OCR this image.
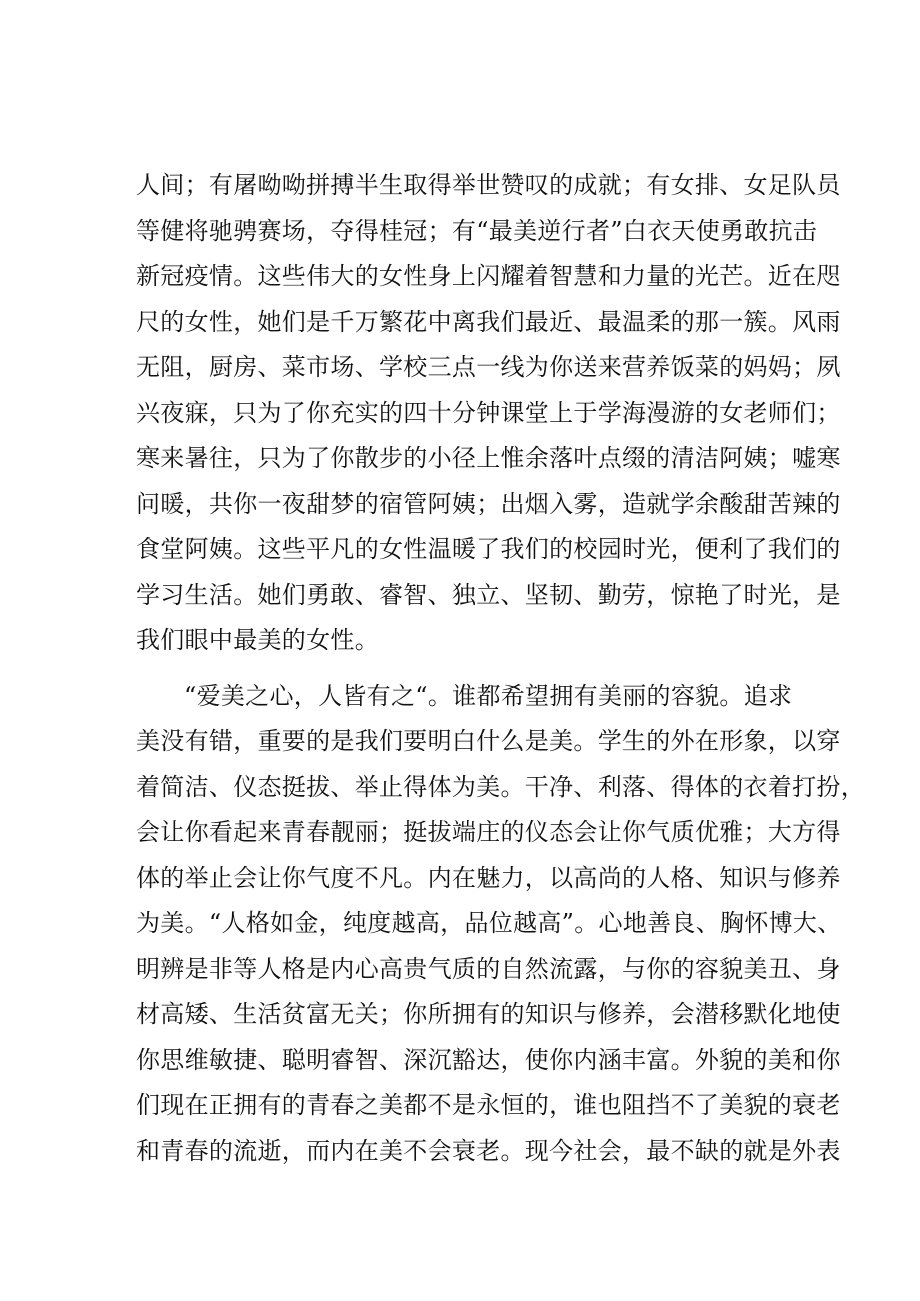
人间；有屠呦呦拼搏半生取得举世赞叹的成就；有女排、女足队员
等健将驰骋赛场，夺得桂冠；有“最美逆行者”白衣天使勇敢抗击
新冠疫情。这些伟大的女性身上闪耀着智慧和力量的光芒。近在咫
尺的女性，她们是千万繁花中离我们最近、最温柔的那一簇。风雨
无阻，厨房、菜市场、学校三点一线为你送来营养饭菜的妈妈；夙
兴夜寐，只为了你充实的四十分钟课堂上于学海漫游的女老师们；
寒来暑往，只为了你散步的小径上惟余落叶点缀的清洁阿姨；嘘寒
问暖，共你一夜甜梦的宿管阿姨；出烟入雾，造就学余酸甜苦辣的
食堂阿姨。这些平凡的女性温暖了我们的校园时光，便利了我们的
学习生活。她们勇敢、睿智、独立、坚韧、勤劳，惊艳了时光，是
我们眼中最美的女性。
“爱美之心，人皆有之“。谁都希望拥有美丽的容貌。追求
美没有错，重要的是我们要明白什么是美。学生的外在形象，以穿
着简洁、仪态挺拔、举止得体为美。干净、利落、得体的衣着打扮，
会让你看起来青春靓丽；挺拔端庄的仪态会让你气质优雅；大方得
体的举止会让你气度不凡。内在魅力，以高尚的人格、知识与修养
为美。“人格如金，纯度越高，品位越高”。心地善良、胸怀博大、
明辨是非等人格是内心高贵气质的自然流露，与你的容貌美丑、身
材高矮、生活贫富无关；你所拥有的知识与修养，会潜移默化地使
你思维敏捷、聪明睿智、深沉豁达，使你内涵丰富。外貌的美和你
们现在正拥有的青春之美都不是永恒的，谁也阻挡不了美貌的衰老
和青春的流逝，而内在美不会衰老。现今社会，最不缺的就是外表
